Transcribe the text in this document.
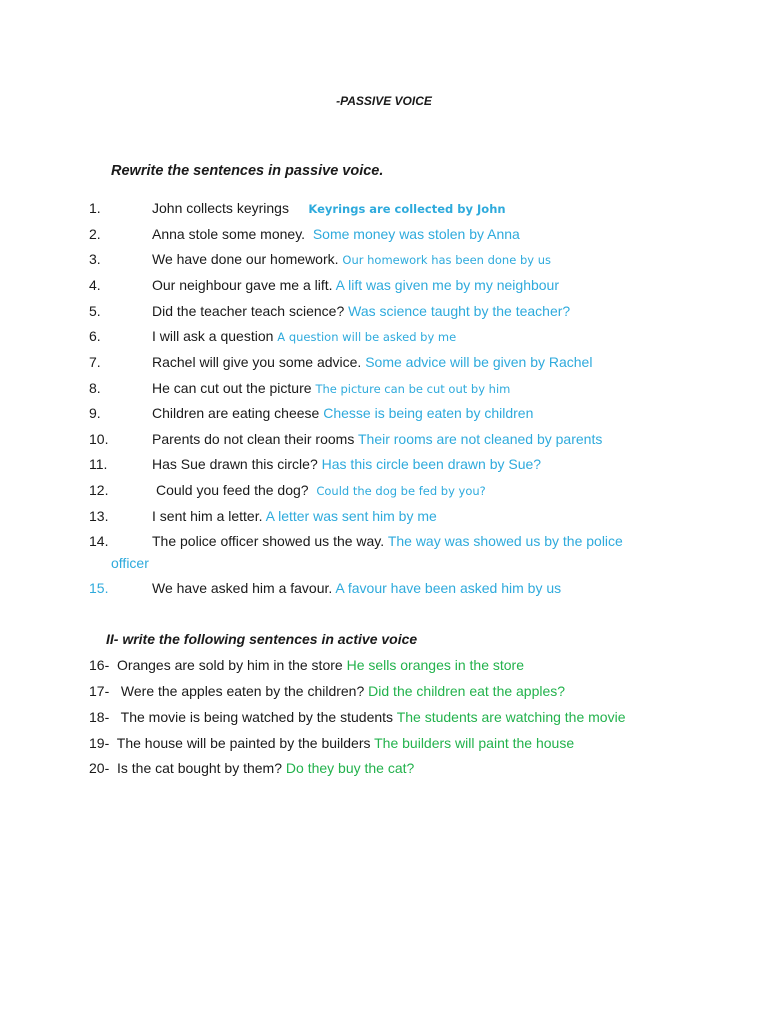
-PASSIVE VOICE
Rewrite the sentences in passive voice.
1.	John collects keyrings Keyrings are collected by John
2.	Anna stole some money. Some money was stolen by Anna
3.	We have done our homework. Our homework has been done by us
4.	Our neighbour gave me a lift. A lift was given me by my neighbour
5.	Did the teacher teach science? Was science taught by the teacher?
6.	I will ask a question A question will be asked by me
7.	Rachel will give you some advice. Some advice will be given by Rachel
8.	He can cut out the picture The picture can be cut out by him
9.	Children are eating cheese Chesse is being eaten by children
10.	Parents do not clean their rooms Their rooms are not cleaned by parents
11.	Has Sue drawn this circle? Has this circle been drawn by Sue?
12.	Could you feed the dog? Could the dog be fed by you?
13.	I sent him a letter. A letter was sent him by me
14.	The police officer showed us the way. The way was showed us by the police
officer
15.	We have asked him a favour. A favour have been asked him by us
II- write the following sentences in active voice
16- Oranges are sold by him in the store He sells oranges in the store
17- Were the apples eaten by the children? Did the children eat the apples?
18- The movie is being watched by the students The students are watching the movie
19- The house will be painted by the builders The builders will paint the house
20- Is the cat bought by them? Do they buy the cat?
